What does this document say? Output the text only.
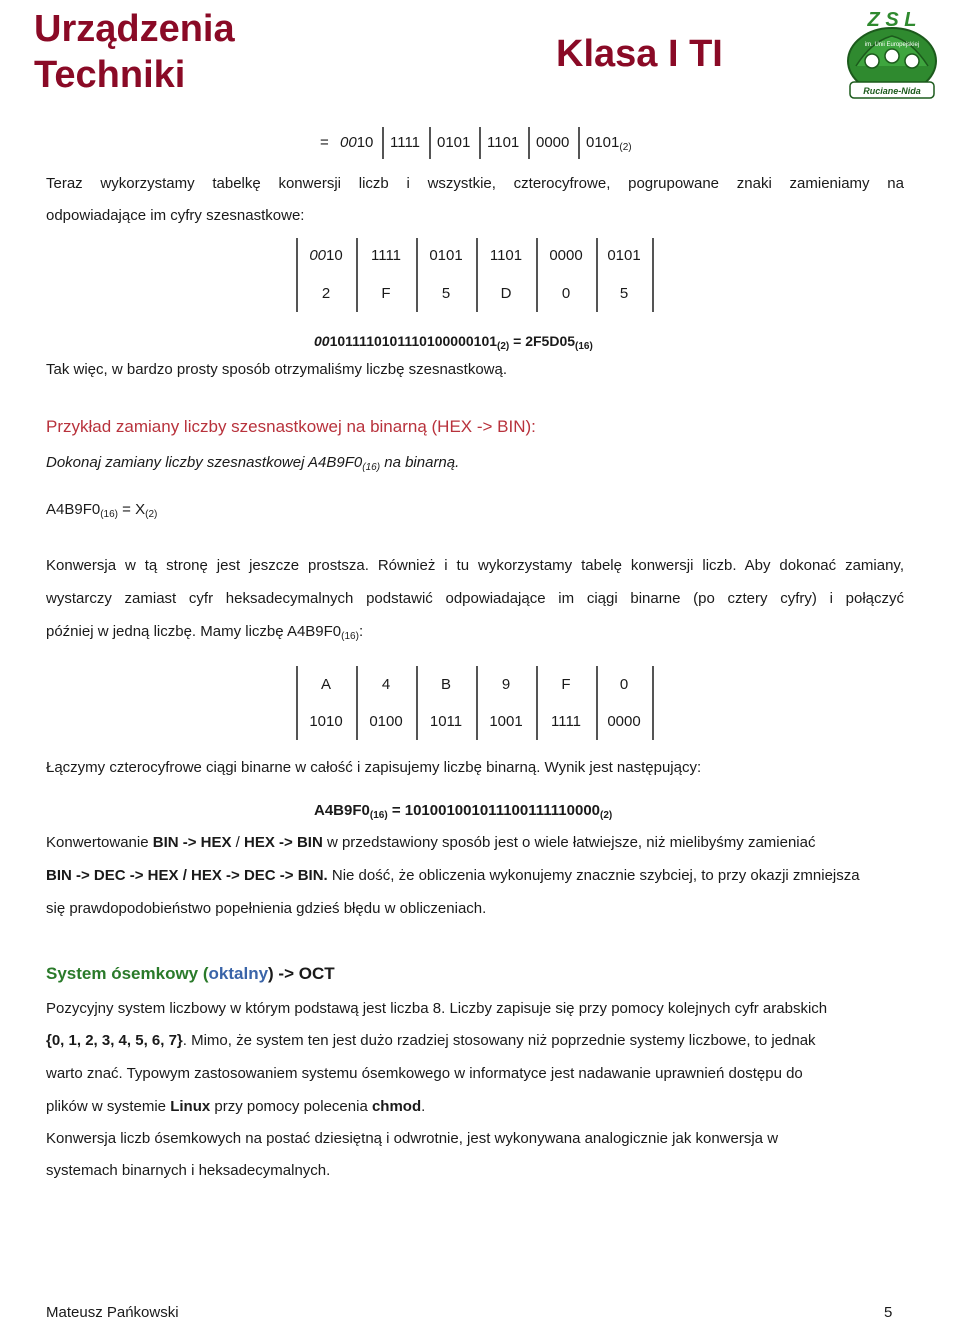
Urządzenia Techniki	Klasa I TI
Z S L
im. Unii Europejskiej
Ruciane-Nida
= 0010 1111 0101 1101 0000 $0101_{(2)}$
Teraz wykorzystamy tabelkę konwersji liczb i wszystkie, czterocyfrowe, pogrupowane znaki zamieniamy na
odpowiadające im cyfry szesnastkowe:
0010	1111	0101	1101	0000	0101
2	F	5	D	0	5
$001011110101110100000101_{(2)} = 2F5D05_{(16)}$
Tak więc, w bardzo prosty sposób otrzymaliśmy liczbę szesnastkową.
Przykład zamiany liczby szesnastkowej na binarną (HEX -> BIN):
Dokonaj zamiany liczby szesnastkowej $A4B9F0_{(16)}$ na binarną.
$A4B9F0_{(16)} = X_{(2)}$
Konwersja w tą stronę jest jeszcze prostsza. Również i tu wykorzystamy tabelę konwersji liczb. Aby dokonać zamiany,
wystarczy zamiast cyfr heksadecymalnych podstawić odpowiadające im ciągi binarne (po cztery cyfry) i połączyć
później w jedną liczbę. Mamy liczbę $A4B9F0_{(16)}$:
A	4	B	9	F	0
1010	0100	1011	1001	1111	0000
Łączymy czterocyfrowe ciągi binarne w całość i zapisujemy liczbę binarną. Wynik jest następujący:
$A4B9F0_{(16)} = 101001001011100111110000_{(2)}$
Konwertowanie BIN -> HEX / HEX -> BIN w przedstawiony sposób jest o wiele łatwiejsze, niż mielibyśmy zamieniać
BIN -> DEC -> HEX / HEX -> DEC -> BIN. Nie dość, że obliczenia wykonujemy znacznie szybciej, to przy okazji zmniejsza
się prawdopodobieństwo popełnienia gdzieś błędu w obliczeniach.
System ósemkowy (oktalny) -> OCT
Pozycyjny system liczbowy w którym podstawą jest liczba 8. Liczby zapisuje się przy pomocy kolejnych cyfr arabskich
{0, 1, 2, 3, 4, 5, 6, 7}. Mimo, że system ten jest dużo rzadziej stosowany niż poprzednie systemy liczbowe, to jednak
warto znać. Typowym zastosowaniem systemu ósemkowego w informatyce jest nadawanie uprawnień dostępu do
plików w systemie Linux przy pomocy polecenia chmod.
Konwersja liczb ósemkowych na postać dziesiętną i odwrotnie, jest wykonywana analogicznie jak konwersja w
systemach binarnych i heksadecymalnych.
Mateusz Pańkowski	5
